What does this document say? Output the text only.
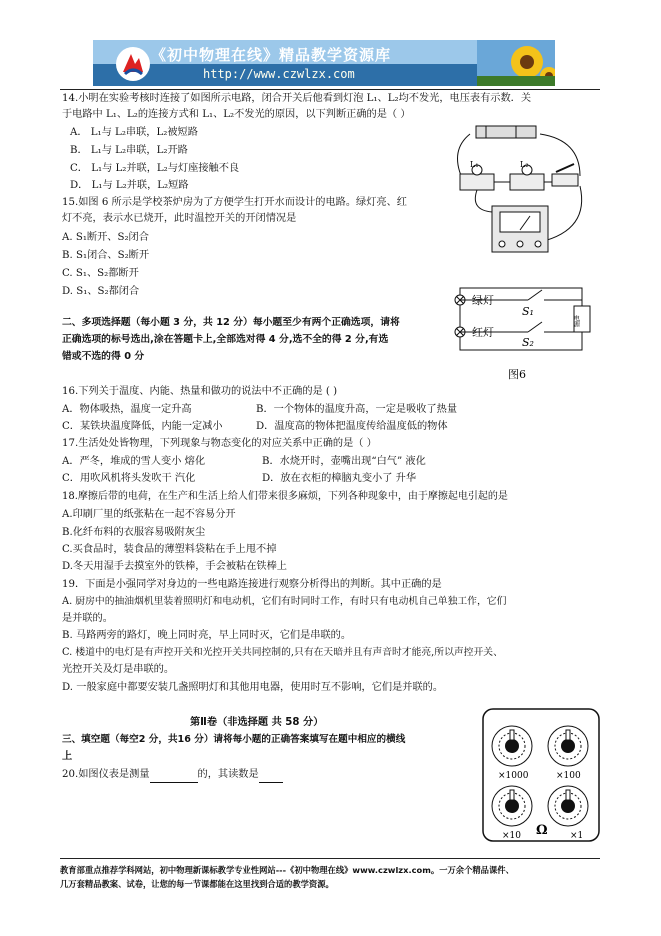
《初中物理在线》精品教学资源库
http://www.czwlzx.com
14.小明在实验考核时连接了如图所示电路，闭合开关后他看到灯泡 L₁、L₂均不发光，电压表有示数．关
于电路中 L₁、L₂的连接方式和 L₁、L₂不发光的原因，以下判断正确的是（ ）
A． L₁与 L₂串联，L₂被短路
B． L₁与 L₂串联，L₂开路
C． L₁与 L₂并联，L₂与灯座接触不良
D． L₁与 L₂并联，L₂短路
L₁	L₂
15.如图 6 所示是学校茶炉房为了方便学生打开水而设计的电路。绿灯亮、红
灯不亮，表示水已烧开，此时温控开关的开闭情况是
A. S₁断开、S₂闭合
B. S₁闭合、S₂断开
C. S₁、S₂都断开
D. S₁、S₂都闭合
绿灯
S₁
红灯
S₂
电源
图6
二、多项选择题（每小题 3 分，共 12 分）每小题至少有两个正确选项，请将
正确选项的标号选出,涂在答题卡上,全部选对得 4 分,选不全的得 2 分,有选
错或不选的得 0 分
16.下列关于温度、内能、热量和做功的说法中不正确的是 ( )
A．物体吸热，温度一定升高	B．一个物体的温度升高，一定是吸收了热量
C．某铁块温度降低，内能一定减小	D．温度高的物体把温度传给温度低的物体
17.生活处处皆物理，下列现象与物态变化的对应关系中正确的是（ ）
A．严冬，堆成的雪人变小 熔化	B．水烧开时，壶嘴出现“白气” 液化
C．用吹风机将头发吹干 汽化	D．放在衣柜的樟脑丸变小了 升华
18.摩擦后带的电荷，在生产和生活上给人们带来很多麻烦，下列各种现象中，由于摩擦起电引起的是
A.印刷厂里的纸张粘在一起不容易分开
B.化纤布料的衣服容易吸附灰尘
C.买食品时，装食品的薄塑料袋粘在手上甩不掉
D.冬天用湿手去摸室外的铁棒，手会被粘在铁棒上
19．下面是小强同学对身边的一些电路连接进行观察分析得出的判断。其中正确的是
A. 厨房中的抽油烟机里装着照明灯和电动机，它们有时同时工作，有时只有电动机自己单独工作，它们
是并联的。
B. 马路两旁的路灯，晚上同时亮，早上同时灭，它们是串联的。
C. 楼道中的电灯是有声控开关和光控开关共同控制的,只有在天暗并且有声音时才能亮,所以声控开关、
光控开关及灯是串联的。
D. 一般家庭中都要安装几盏照明灯和其他用电器，使用时互不影响，它们是并联的。
第Ⅱ卷（非选择题 共 58 分）
三、填空题（每空2 分，共16 分）请将每小题的正确答案填写在题中相应的横线
上
20.如图仪表是测量	的，其读数是	×1000	×100
×10	×1
Ω
教育部重点推荐学科网站，初中物理新课标教学专业性网站---《初中物理在线》www.czwlzx.com。一万余个精品课件、
几万套精品教案、试卷，让您的每一节课都能在这里找到合适的教学资源。
